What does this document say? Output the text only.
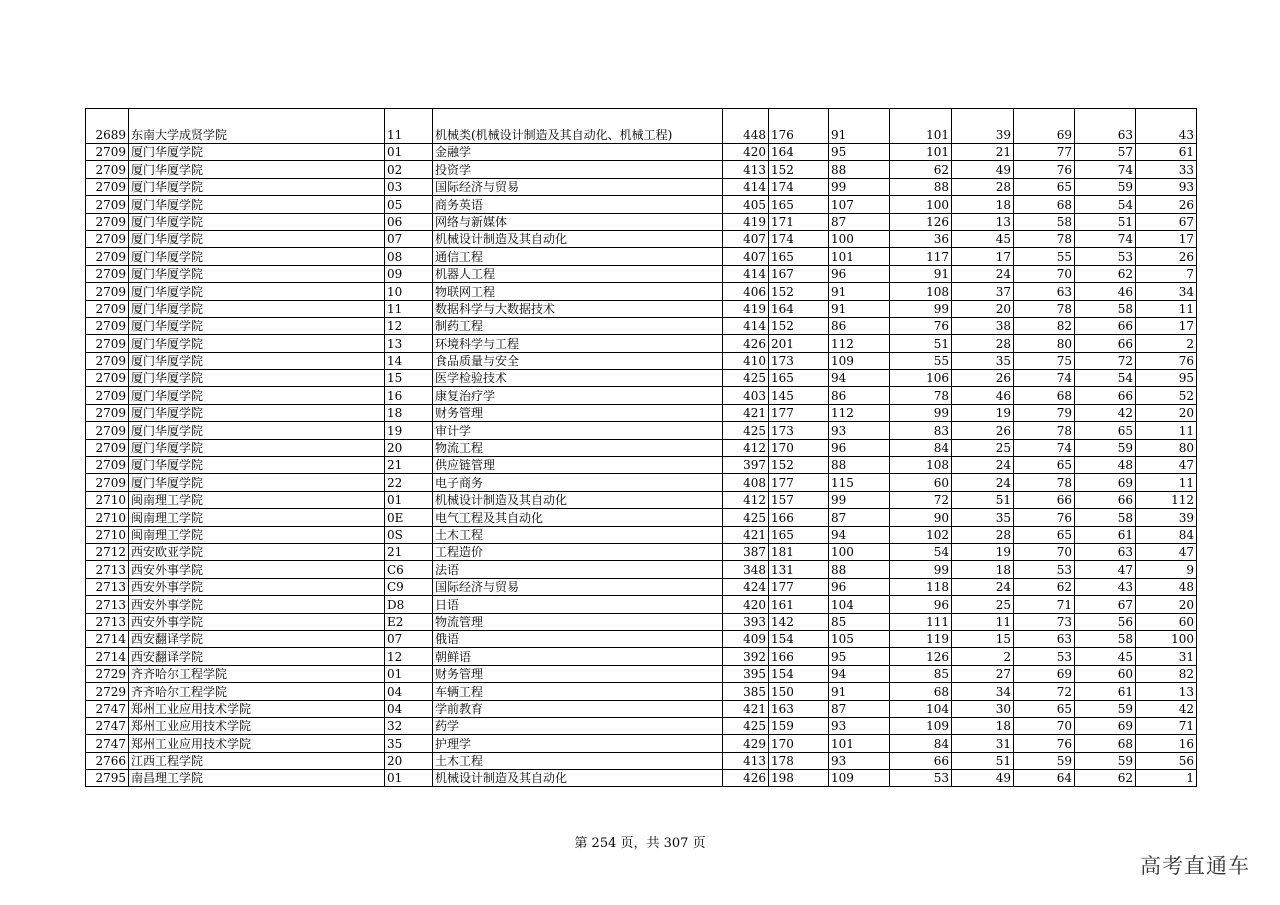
2689	东南大学成贤学院	11	机械类(机械设计制造及其自动化、机械工程)	448	176	91	101	39	69	63	43
2709	厦门华厦学院	01	金融学	420	164	95	101	21	77	57	61
2709	厦门华厦学院	02	投资学	413	152	88	62	49	76	74	33
2709	厦门华厦学院	03	国际经济与贸易	414	174	99	88	28	65	59	93
2709	厦门华厦学院	05	商务英语	405	165	107	100	18	68	54	26
2709	厦门华厦学院	06	网络与新媒体	419	171	87	126	13	58	51	67
2709	厦门华厦学院	07	机械设计制造及其自动化	407	174	100	36	45	78	74	17
2709	厦门华厦学院	08	通信工程	407	165	101	117	17	55	53	26
2709	厦门华厦学院	09	机器人工程	414	167	96	91	24	70	62	7
2709	厦门华厦学院	10	物联网工程	406	152	91	108	37	63	46	34
2709	厦门华厦学院	11	数据科学与大数据技术	419	164	91	99	20	78	58	11
2709	厦门华厦学院	12	制药工程	414	152	86	76	38	82	66	17
2709	厦门华厦学院	13	环境科学与工程	426	201	112	51	28	80	66	2
2709	厦门华厦学院	14	食品质量与安全	410	173	109	55	35	75	72	76
2709	厦门华厦学院	15	医学检验技术	425	165	94	106	26	74	54	95
2709	厦门华厦学院	16	康复治疗学	403	145	86	78	46	68	66	52
2709	厦门华厦学院	18	财务管理	421	177	112	99	19	79	42	20
2709	厦门华厦学院	19	审计学	425	173	93	83	26	78	65	11
2709	厦门华厦学院	20	物流工程	412	170	96	84	25	74	59	80
2709	厦门华厦学院	21	供应链管理	397	152	88	108	24	65	48	47
2709	厦门华厦学院	22	电子商务	408	177	115	60	24	78	69	11
2710	闽南理工学院	01	机械设计制造及其自动化	412	157	99	72	51	66	66	112
2710	闽南理工学院	0E	电气工程及其自动化	425	166	87	90	35	76	58	39
2710	闽南理工学院	0S	土木工程	421	165	94	102	28	65	61	84
2712	西安欧亚学院	21	工程造价	387	181	100	54	19	70	63	47
2713	西安外事学院	C6	法语	348	131	88	99	18	53	47	9
2713	西安外事学院	C9	国际经济与贸易	424	177	96	118	24	62	43	48
2713	西安外事学院	D8	日语	420	161	104	96	25	71	67	20
2713	西安外事学院	E2	物流管理	393	142	85	111	11	73	56	60
2714	西安翻译学院	07	俄语	409	154	105	119	15	63	58	100
2714	西安翻译学院	12	朝鲜语	392	166	95	126	2	53	45	31
2729	齐齐哈尔工程学院	01	财务管理	395	154	94	85	27	69	60	82
2729	齐齐哈尔工程学院	04	车辆工程	385	150	91	68	34	72	61	13
2747	郑州工业应用技术学院	04	学前教育	421	163	87	104	30	65	59	42
2747	郑州工业应用技术学院	32	药学	425	159	93	109	18	70	69	71
2747	郑州工业应用技术学院	35	护理学	429	170	101	84	31	76	68	16
2766	江西工程学院	20	土木工程	413	178	93	66	51	59	59	56
2795	南昌理工学院	01	机械设计制造及其自动化	426	198	109	53	49	64	62	1
第 254 页，共 307 页
高考直通车
